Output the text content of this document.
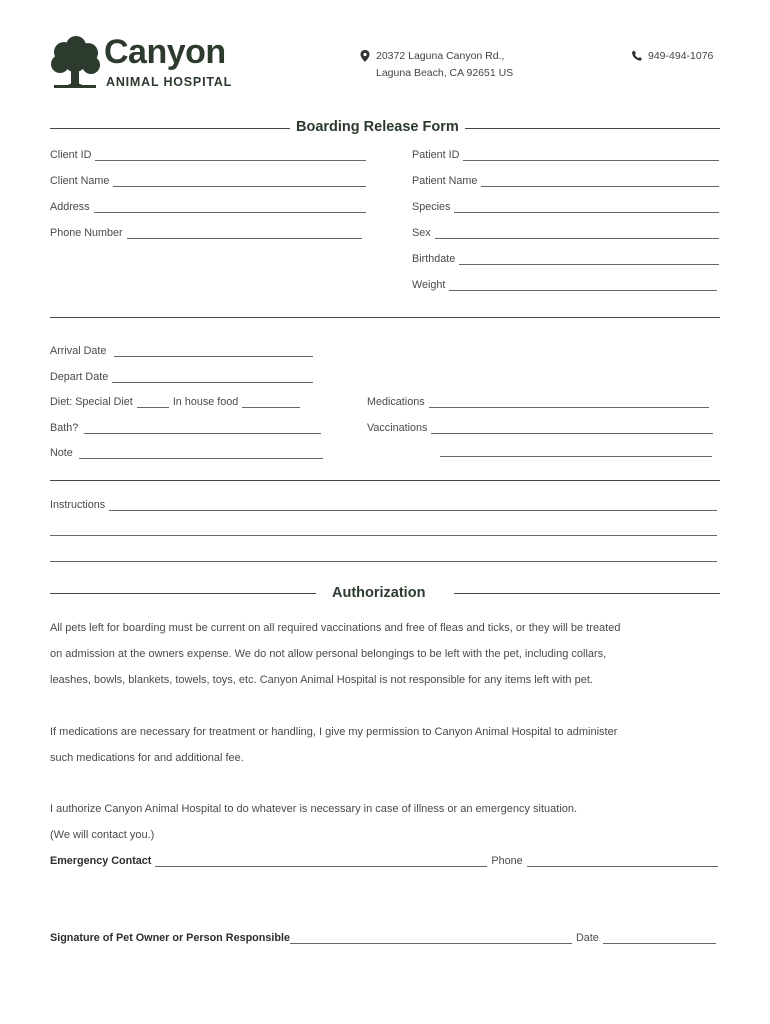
Canyon
ANIMAL HOSPITAL
20372 Laguna Canyon Rd.,
Laguna Beach, CA 92651 US
949-494-1076
Boarding Release Form
Client ID
Client Name
Address
Phone Number
Patient ID
Patient Name
Species
Sex
Birthdate
Weight
Arrival Date
Depart Date
Diet: Special Diet	In house food
Bath?
Note
Medications
Vaccinations
Instructions
Authorization
All pets left for boarding must be current on all required vaccinations and free of fleas and ticks, or they will be treated
on admission at the owners expense. We do not allow personal belongings to be left with the pet, including collars,
leashes, bowls, blankets, towels, toys, etc. Canyon Animal Hospital is not responsible for any items left with pet.
If medications are necessary for treatment or handling, I give my permission to Canyon Animal Hospital to administer
such medications for and additional fee.
I authorize Canyon Animal Hospital to do whatever is necessary in case of illness or an emergency situation.
(We will contact you.)
Emergency Contact	Phone
Signature of Pet Owner or Person Responsible	Date
